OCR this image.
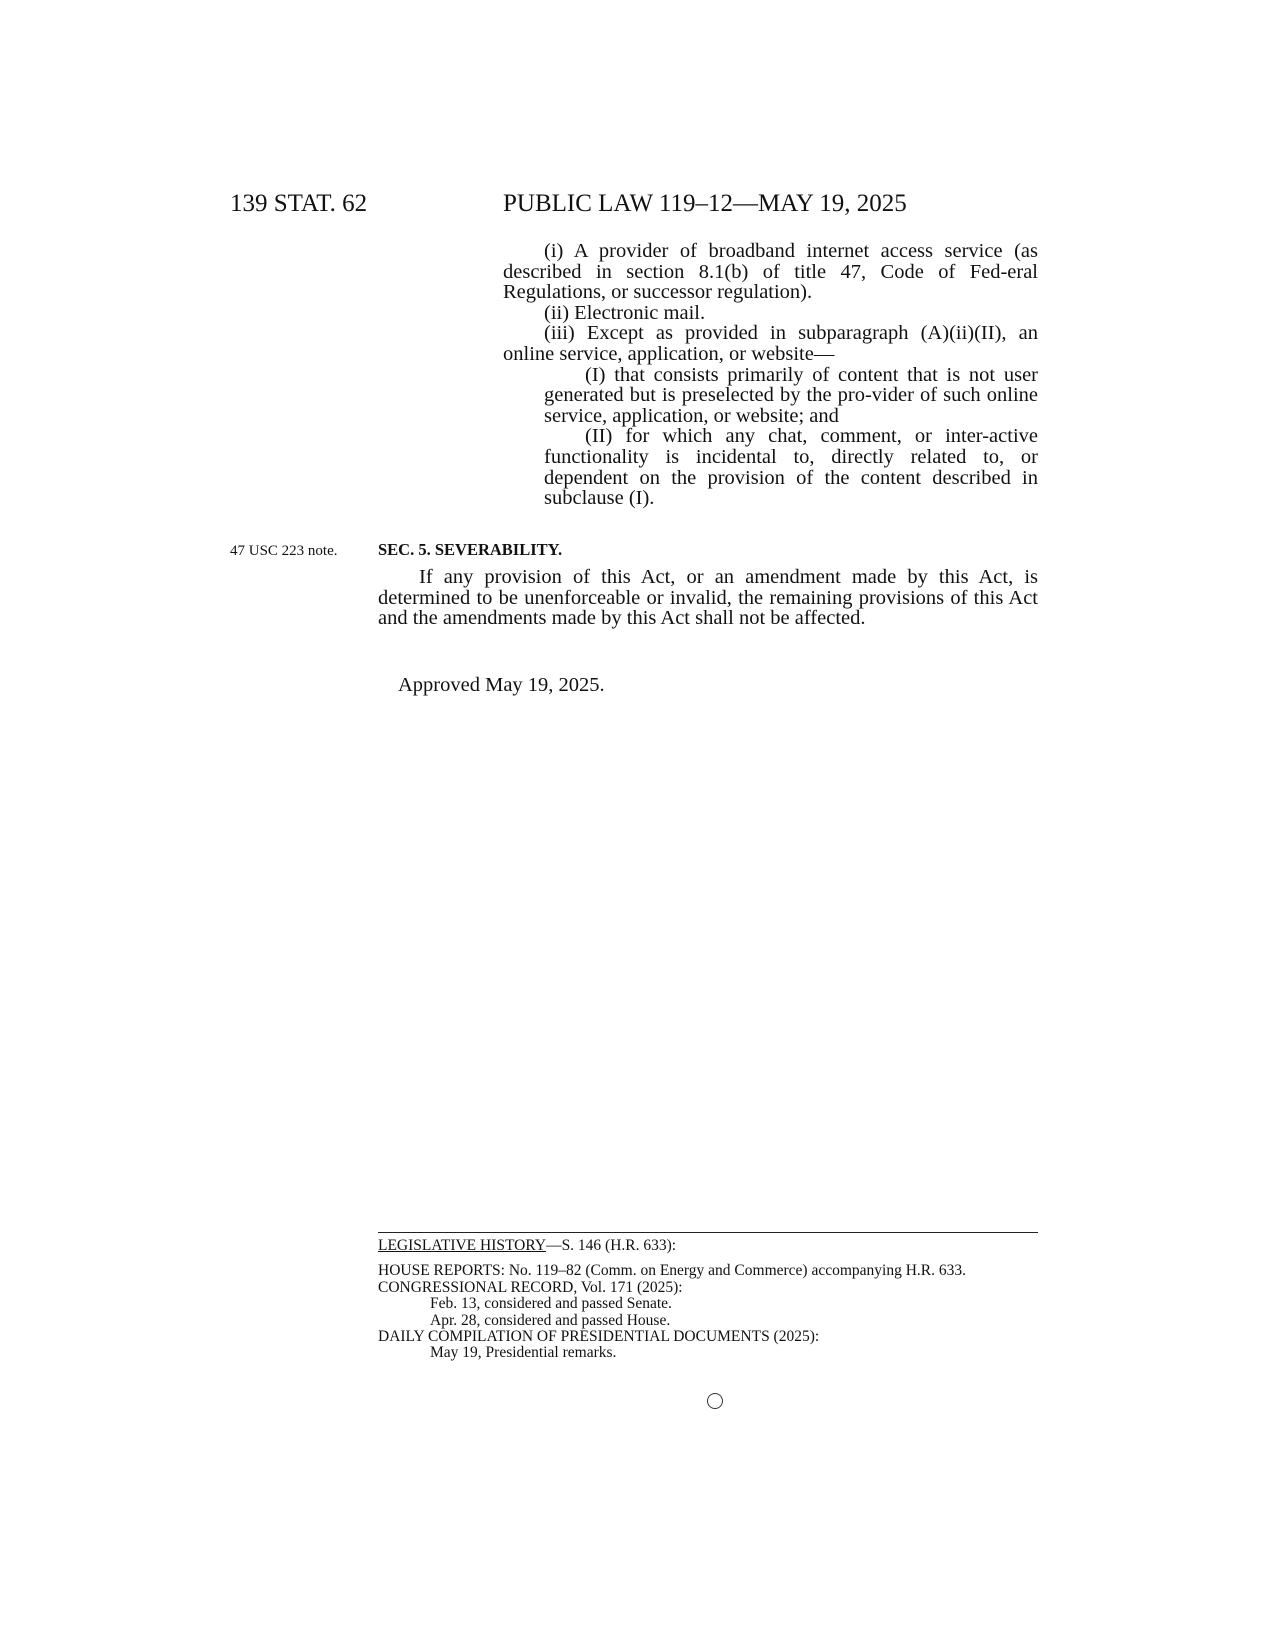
139 STAT. 62	PUBLIC LAW 119–12—MAY 19, 2025

(i) A provider of broadband internet access service (as described in section 8.1(b) of title 47, Code of Fed-eral Regulations, or successor regulation).

(ii) Electronic mail.

(iii) Except as provided in subparagraph (A)(ii)(II), an online service, application, or website—

(I) that consists primarily of content that is not user generated but is preselected by the pro-vider of such online service, application, or website; and

(II) for which any chat, comment, or inter-active functionality is incidental to, directly related to, or dependent on the provision of the content described in subclause (I).

47 USC 223 note. SEC. 5. SEVERABILITY.

If any provision of this Act, or an amendment made by this Act, is determined to be unenforceable or invalid, the remaining provisions of this Act and the amendments made by this Act shall not be affected.

Approved May 19, 2025.

LEGISLATIVE HISTORY—S. 146 (H.R. 633):

HOUSE REPORTS: No. 119–82 (Comm. on Energy and Commerce) accompanying H.R. 633.

CONGRESSIONAL RECORD, Vol. 171 (2025):

Feb. 13, considered and passed Senate.

Apr. 28, considered and passed House.

DAILY COMPILATION OF PRESIDENTIAL DOCUMENTS (2025):

May 19, Presidential remarks.
